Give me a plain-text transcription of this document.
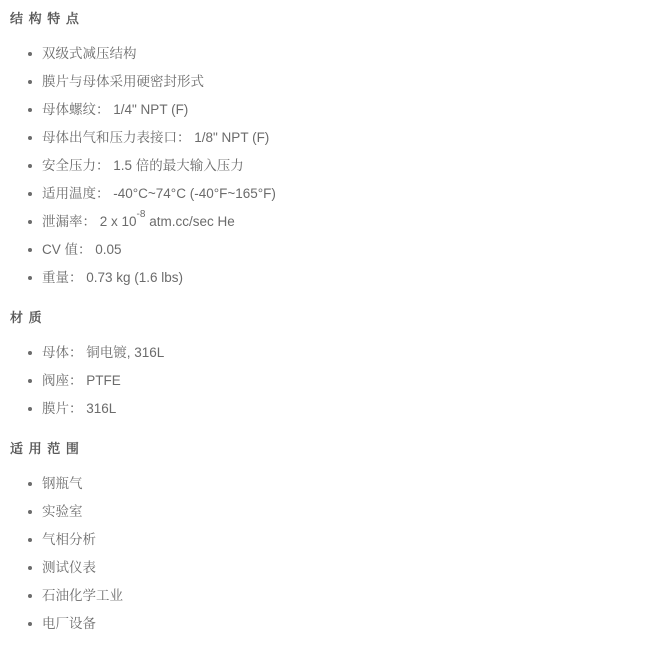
结 构 特 点
双级式减压结构
膜片与母体采用硬密封形式
母体螺纹： 1/4" NPT (F)
母体出气和压力表接口： 1/8" NPT (F)
安全压力： 1.5 倍的最大输入压力
适用温度： -40°C~74°C (-40°F~165°F)
泄漏率： 2 x $10^{-8}$ atm.cc/sec He
CV 值： 0.05
重量： 0.73 kg (1.6 lbs)
材 质
母体： 铜电镀, 316L
阀座： PTFE
膜片： 316L
适 用 范 围
钢瓶气
实验室
气相分析
测试仪表
石油化学工业
电厂设备
